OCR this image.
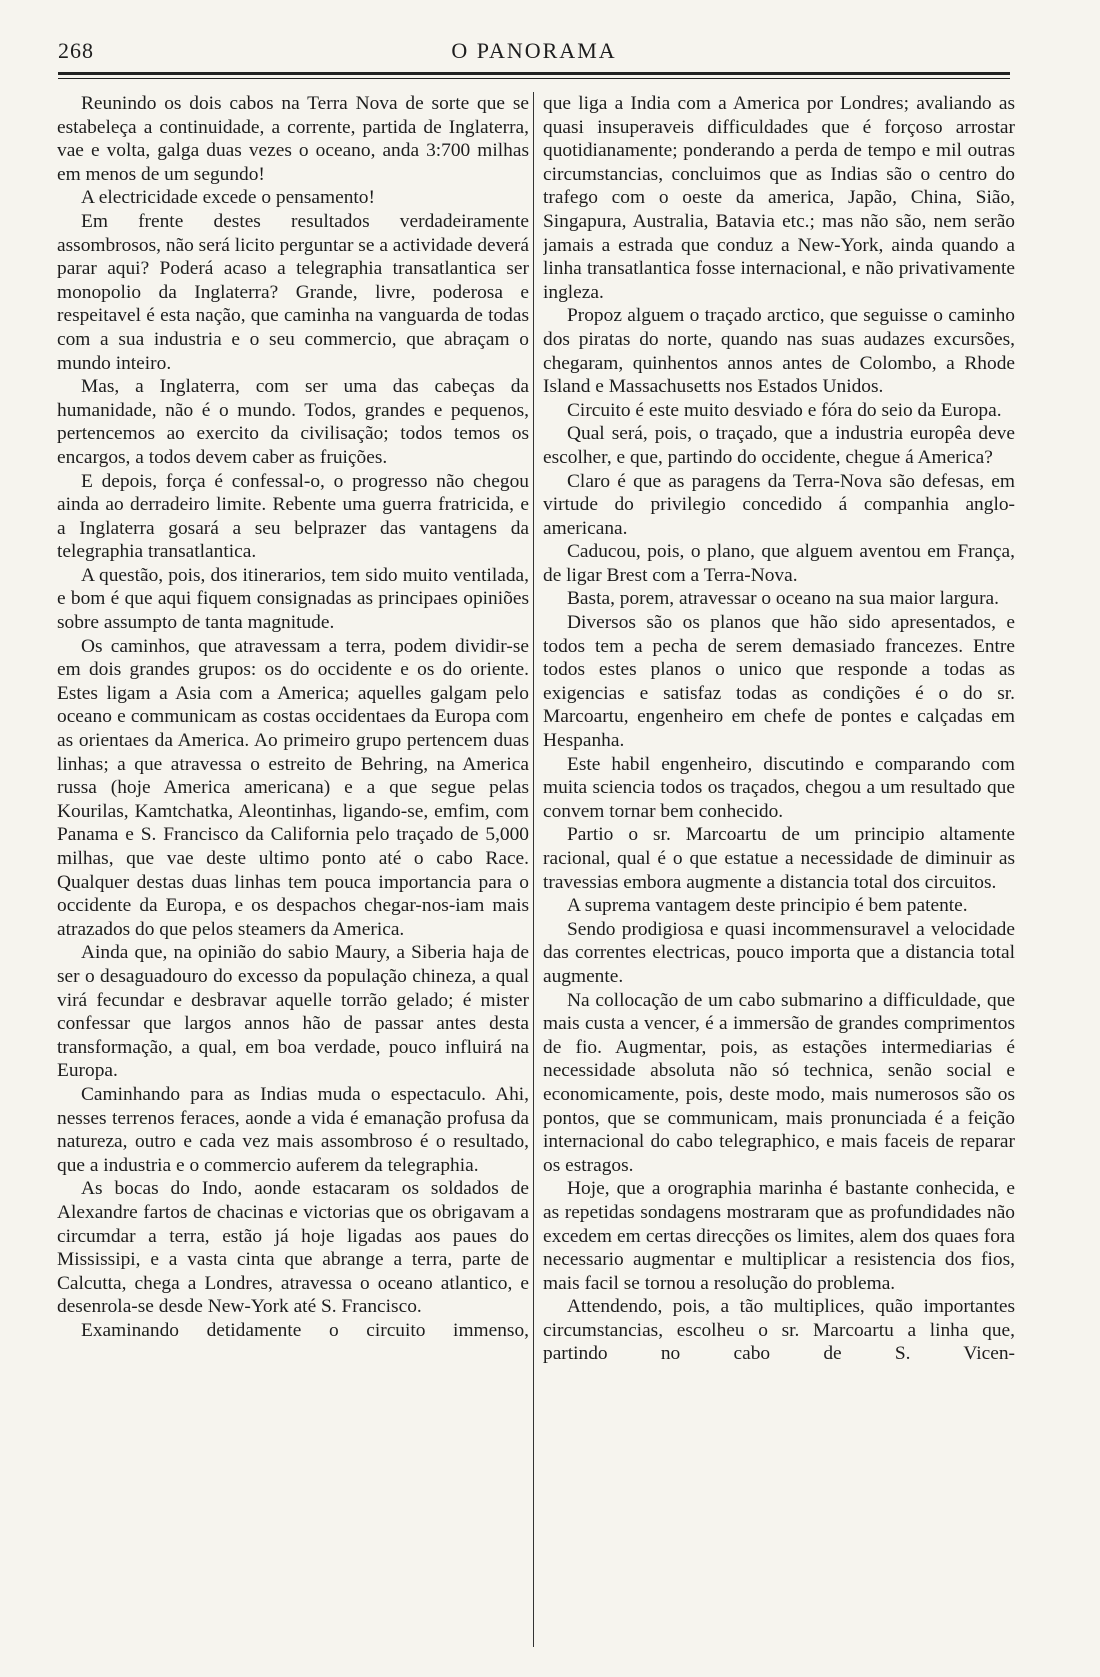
268	O PANORAMA

Reunindo os dois cabos na Terra Nova de sorte que se estabeleça a continuidade, a corrente, partida de Inglaterra, vae e volta, galga duas vezes o oceano, anda 3:700 milhas em menos de um segundo!

A electricidade excede o pensamento!

Em frente destes resultados verdadeiramente assombrosos, não será licito perguntar se a actividade deverá parar aqui? Poderá acaso a telegraphia transatlantica ser monopolio da Inglaterra? Grande, livre, poderosa e respeitavel é esta nação, que caminha na vanguarda de todas com a sua industria e o seu commercio, que abraçam o mundo inteiro.

Mas, a Inglaterra, com ser uma das cabeças da humanidade, não é o mundo. Todos, grandes e pequenos, pertencemos ao exercito da civilisação; todos temos os encargos, a todos devem caber as fruições.

E depois, força é confessal-o, o progresso não chegou ainda ao derradeiro limite. Rebente uma guerra fratricida, e a Inglaterra gosará a seu belprazer das vantagens da telegraphia transatlantica.

A questão, pois, dos itinerarios, tem sido muito ventilada, e bom é que aqui fiquem consignadas as principaes opiniões sobre assumpto de tanta magnitude.

Os caminhos, que atravessam a terra, podem dividir-se em dois grandes grupos: os do occidente e os do oriente. Estes ligam a Asia com a America; aquelles galgam pelo oceano e communicam as costas occidentaes da Europa com as orientaes da America. Ao primeiro grupo pertencem duas linhas; a que atravessa o estreito de Behring, na America russa (hoje America americana) e a que segue pelas Kourilas, Kamtchatka, Aleontinhas, ligando-se, emfim, com Panama e S. Francisco da California pelo traçado de 5,000 milhas, que vae deste ultimo ponto até o cabo Race. Qualquer destas duas linhas tem pouca importancia para o occidente da Europa, e os despachos chegar-nos-iam mais atrazados do que pelos steamers da America.

Ainda que, na opinião do sabio Maury, a Siberia haja de ser o desaguadouro do excesso da população chineza, a qual virá fecundar e desbravar aquelle torrão gelado; é mister confessar que largos annos hão de passar antes desta transformação, a qual, em boa verdade, pouco influirá na Europa.

Caminhando para as Indias muda o espectaculo. Ahi, nesses terrenos feraces, aonde a vida é emanação profusa da natureza, outro e cada vez mais assombroso é o resultado, que a industria e o commercio auferem da telegraphia.

As bocas do Indo, aonde estacaram os soldados de Alexandre fartos de chacinas e victorias que os obrigavam a circumdar a terra, estão já hoje ligadas aos paues do Mississipi, e a vasta cinta que abrange a terra, parte de Calcutta, chega a Londres, atravessa o oceano atlantico, e desenrola-se desde New-York até S. Francisco.

Examinando detidamente o circuito immenso,

que liga a India com a America por Londres; avaliando as quasi insuperaveis difficuldades que é forçoso arrostar quotidianamente; ponderando a perda de tempo e mil outras circumstancias, concluimos que as Indias são o centro do trafego com o oeste da america, Japão, China, Sião, Singapura, Australia, Batavia etc.; mas não são, nem serão jamais a estrada que conduz a New-York, ainda quando a linha transatlantica fosse internacional, e não privativamente ingleza.

Propoz alguem o traçado arctico, que seguisse o caminho dos piratas do norte, quando nas suas audazes excursões, chegaram, quinhentos annos antes de Colombo, a Rhode Island e Massachusetts nos Estados Unidos.

Circuito é este muito desviado e fóra do seio da Europa.

Qual será, pois, o traçado, que a industria europêa deve escolher, e que, partindo do occidente, chegue á America?

Claro é que as paragens da Terra-Nova são defesas, em virtude do privilegio concedido á companhia anglo-americana.

Caducou, pois, o plano, que alguem aventou em França, de ligar Brest com a Terra-Nova.

Basta, porem, atravessar o oceano na sua maior largura.

Diversos são os planos que hão sido apresentados, e todos tem a pecha de serem demasiado francezes. Entre todos estes planos o unico que responde a todas as exigencias e satisfaz todas as condições é o do sr. Marcoartu, engenheiro em chefe de pontes e calçadas em Hespanha.

Este habil engenheiro, discutindo e comparando com muita sciencia todos os traçados, chegou a um resultado que convem tornar bem conhecido.

Partio o sr. Marcoartu de um principio altamente racional, qual é o que estatue a necessidade de diminuir as travessias embora augmente a distancia total dos circuitos.

A suprema vantagem deste principio é bem patente.

Sendo prodigiosa e quasi incommensuravel a velocidade das correntes electricas, pouco importa que a distancia total augmente.

Na collocação de um cabo submarino a difficuldade, que mais custa a vencer, é a immersão de grandes comprimentos de fio. Augmentar, pois, as estações intermediarias é necessidade absoluta não só technica, senão social e economicamente, pois, deste modo, mais numerosos são os pontos, que se communicam, mais pronunciada é a feição internacional do cabo telegraphico, e mais faceis de reparar os estragos.

Hoje, que a orographia marinha é bastante conhecida, e as repetidas sondagens mostraram que as profundidades não excedem em certas direcções os limites, alem dos quaes fora necessario augmentar e multiplicar a resistencia dos fios, mais facil se tornou a resolução do problema.

Attendendo, pois, a tão multiplices, quão importantes circumstancias, escolheu o sr. Marcoartu a linha que, partindo no cabo de S. Vicen-
